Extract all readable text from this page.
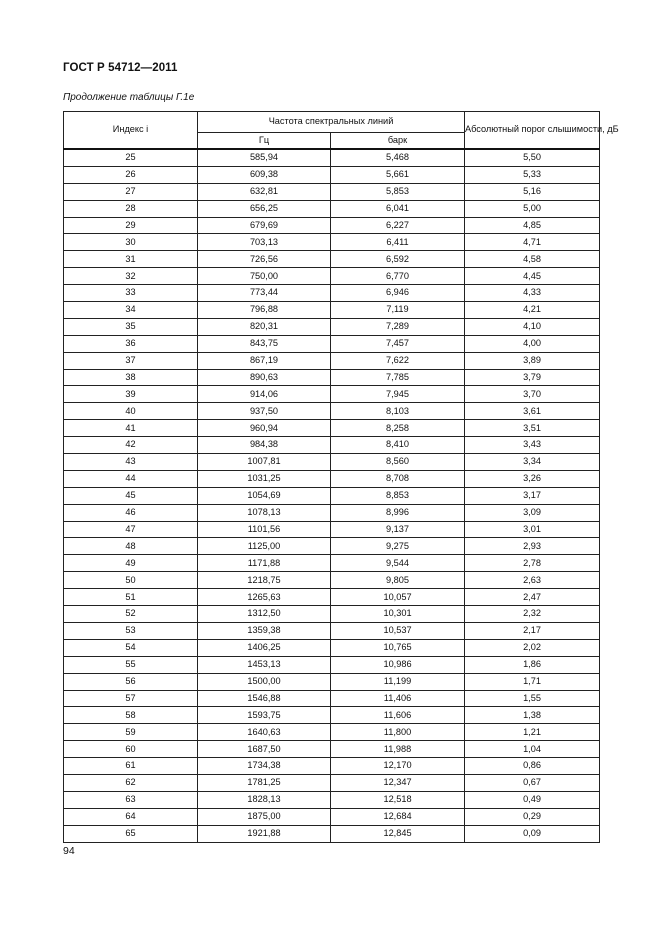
ГОСТ Р 54712—2011
Продолжение таблицы Г.1е
Индекс i	Частота спектральных линий		Абсолютный порог слышимости, дБ
	Гц	барк	
25	585,94	5,468	5,50
26	609,38	5,661	5,33
27	632,81	5,853	5,16
28	656,25	6,041	5,00
29	679,69	6,227	4,85
30	703,13	6,411	4,71
31	726,56	6,592	4,58
32	750,00	6,770	4,45
33	773,44	6,946	4,33
34	796,88	7,119	4,21
35	820,31	7,289	4,10
36	843,75	7,457	4,00
37	867,19	7,622	3,89
38	890,63	7,785	3,79
39	914,06	7,945	3,70
40	937,50	8,103	3,61
41	960,94	8,258	3,51
42	984,38	8,410	3,43
43	1007,81	8,560	3,34
44	1031,25	8,708	3,26
45	1054,69	8,853	3,17
46	1078,13	8,996	3,09
47	1101,56	9,137	3,01
48	1125,00	9,275	2,93
49	1171,88	9,544	2,78
50	1218,75	9,805	2,63
51	1265,63	10,057	2,47
52	1312,50	10,301	2,32
53	1359,38	10,537	2,17
54	1406,25	10,765	2,02
55	1453,13	10,986	1,86
56	1500,00	11,199	1,71
57	1546,88	11,406	1,55
58	1593,75	11,606	1,38
59	1640,63	11,800	1,21
60	1687,50	11,988	1,04
61	1734,38	12,170	0,86
62	1781,25	12,347	0,67
63	1828,13	12,518	0,49
64	1875,00	12,684	0,29
65	1921,88	12,845	0,09
94
